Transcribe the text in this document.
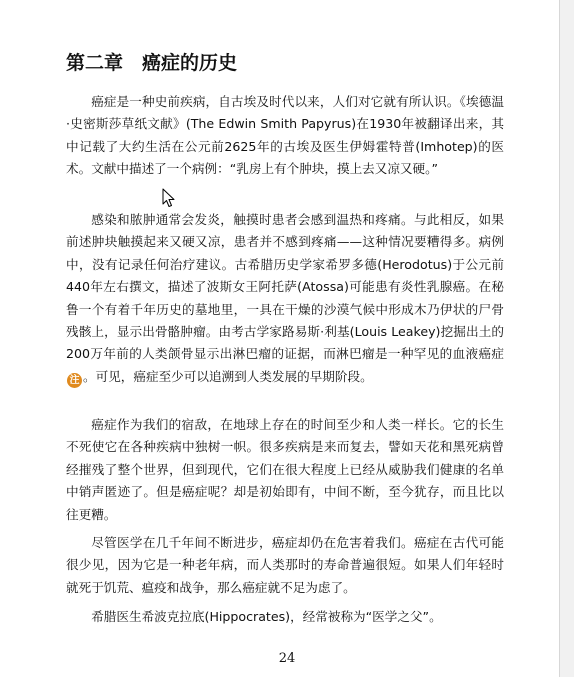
第二章　癌症的历史

癌症是一种史前疾病，自古埃及时代以来，人们对它就有所认识。《埃德温·史密斯莎草纸文献》(The Edwin Smith Papyrus)在1930年被翻译出来，其中记载了大约生活在公元前2625年的古埃及医生伊姆霍特普(Imhotep)的医术。文献中描述了一个病例：“乳房上有个肿块，摸上去又凉又硬。”

感染和脓肿通常会发炎，触摸时患者会感到温热和疼痛。与此相反，如果前述肿块触摸起来又硬又凉，患者并不感到疼痛——这种情况要糟得多。病例中，没有记录任何治疗建议。古希腊历史学家希罗多德(Herodotus)于公元前440年左右撰文，描述了波斯女王阿托萨(Atossa)可能患有炎性乳腺癌。在秘鲁一个有着千年历史的墓地里，一具在干燥的沙漠气候中形成木乃伊状的尸骨残骸上，显示出骨骼肿瘤。由考古学家路易斯·利基(Louis Leakey)挖掘出土的200万年前的人类颌骨显示出淋巴瘤的证据，而淋巴瘤是一种罕见的血液癌症注 。可见，癌症至少可以追溯到人类发展的早期阶段。

癌症作为我们的宿敌，在地球上存在的时间至少和人类一样长。它的长生不死使它在各种疾病中独树一帜。很多疾病是来而复去，譬如天花和黑死病曾经摧残了整个世界，但到现代，它们在很大程度上已经从威胁我们健康的名单中销声匿迹了。但是癌症呢？却是初始即有，中间不断，至今犹存，而且比以往更糟。

尽管医学在几千年间不断进步，癌症却仍在危害着我们。癌症在古代可能很少见，因为它是一种老年病，而人类那时的寿命普遍很短。如果人们年轻时就死于饥荒、瘟疫和战争，那么癌症就不足为虑了。

希腊医生希波克拉底(Hippocrates)，经常被称为“医学之父”。

24
